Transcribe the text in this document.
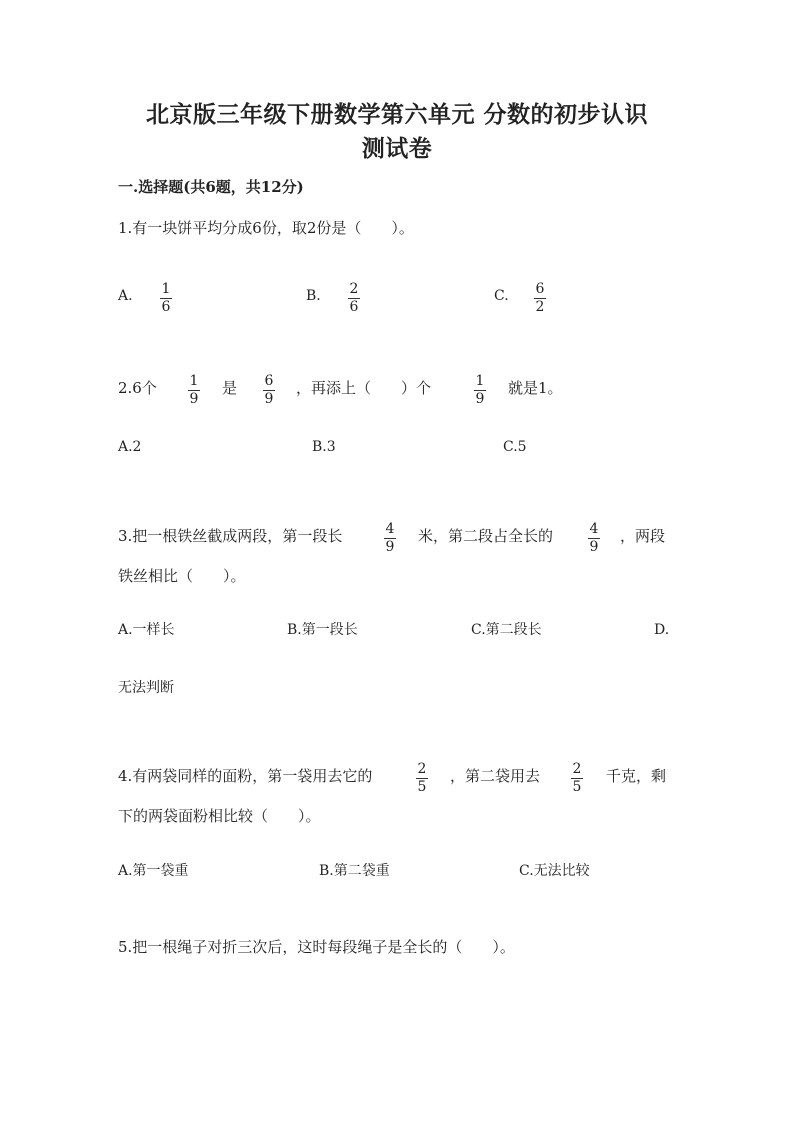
北京版三年级下册数学第六单元 分数的初步认识
测试卷
一.选择题(共6题，共12分)
1.有一块饼平均分成6份，取2份是（　　）。
A. 1
6
B. 2
6
C. 6
2
2.6个 1
9
是 6
9
，再添上（　　）个	1
9
就是1。
A.2	B.3	C.5
3.把一根铁丝截成两段，第一段长	4
9
米，第二段占全长的	4
9
，两段
铁丝相比（　　）。
A.一样长	B.第一段长	C.第二段长	D.
无法判断
4.有两袋同样的面粉，第一袋用去它的	2
5
，第二袋用去 2
5
千克，剩
下的两袋面粉相比较（　　）。
A.第一袋重	B.第二袋重	C.无法比较
5.把一根绳子对折三次后，这时每段绳子是全长的（　　）。
